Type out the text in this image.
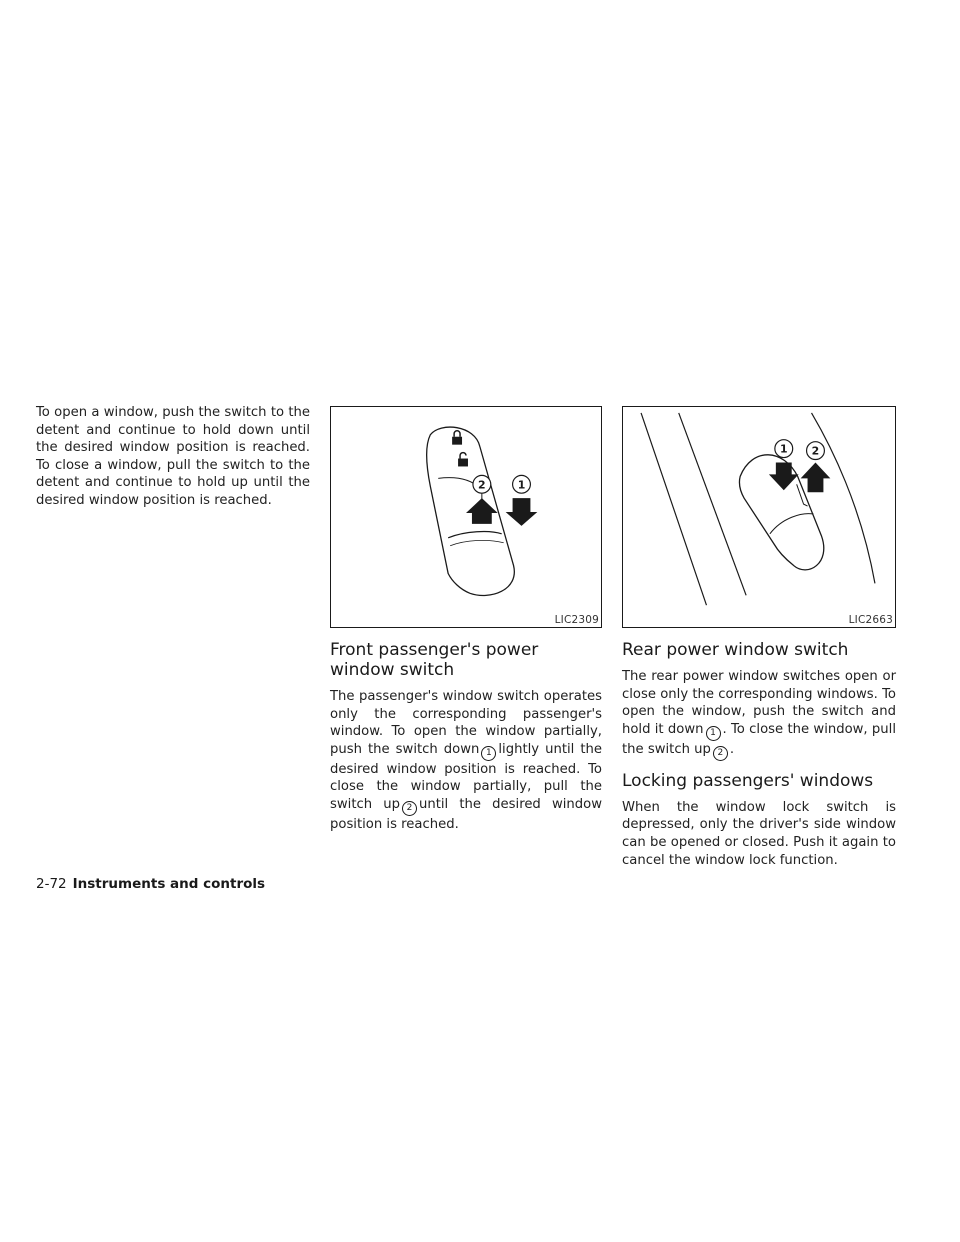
To open a window, push the switch to the detent and continue to hold down until the desired window position is reached. To close a window, pull the switch to the detent and continue to hold up until the desired window position is reached.

2	1
LIC2309
Front passenger's power window switch

The passenger's window switch operates only the corresponding passenger's window. To open the window partially, push the switch down 1 lightly until the desired window position is reached. To close the window partially, pull the switch up 2 until the desired window position is reached.

1 2
LIC2663
Rear power window switch

The rear power window switches open or close only the corresponding windows. To open the window, push the switch and hold it down 1 . To close the window, pull the switch up 2 .

Locking passengers' windows

When the window lock switch is depressed, only the driver's side window can be opened or closed. Push it again to cancel the window lock function.

2-72 Instruments and controls
